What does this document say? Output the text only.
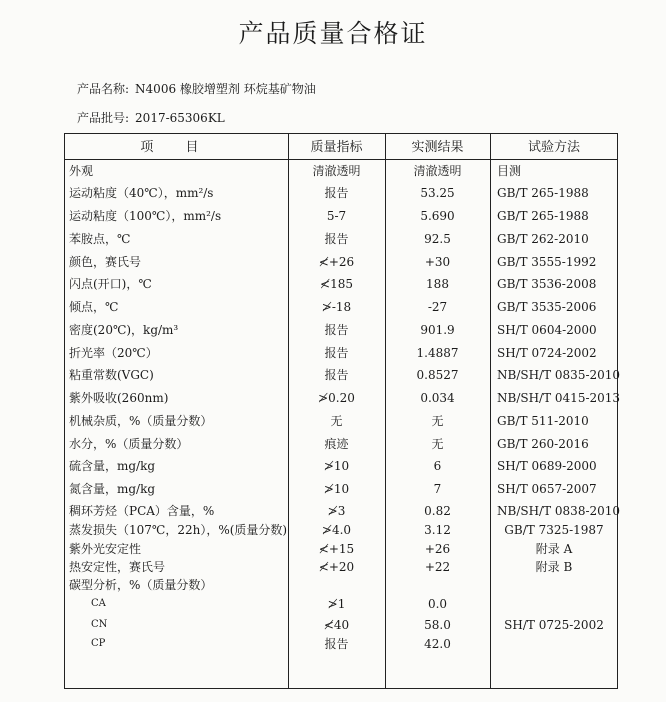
产品质量合格证
产品名称: N4006 橡胶增塑剂 环烷基矿物油
产品批号: 2017-65306KL
项 目	质量指标	实测结果	试验方法
外观	清澈透明	清澈透明	目测
运动粘度（40℃），mm²/s	报告	53.25	GB/T 265-1988
运动粘度（100℃），mm²/s	5-7	5.690	GB/T 265-1988
苯胺点，℃	报告	92.5	GB/T 262-2010
颜色，赛氏号	≮+26	+30	GB/T 3555-1992
闪点(开口)，℃	≮185	188	GB/T 3536-2008
倾点，℃	≯-18	-27	GB/T 3535-2006
密度(20℃)，kg/m³	报告	901.9	SH/T 0604-2000
折光率（20℃）	报告	1.4887	SH/T 0724-2002
粘重常数(VGC)	报告	0.8527	NB/SH/T 0835-2010
紫外吸收(260nm)	≯0.20	0.034	NB/SH/T 0415-2013
机械杂质，%（质量分数）	无	无	GB/T 511-2010
水分，%（质量分数）	痕迹	无	GB/T 260-2016
硫含量，mg/kg	≯10	6	SH/T 0689-2000
氮含量，mg/kg	≯10	7	SH/T 0657-2007
稠环芳烃（PCA）含量，%	≯3	0.82	NB/SH/T 0838-2010
蒸发损失（107℃，22h），%(质量分数)	≯4.0	3.12	GB/T 7325-1987
紫外光安定性	≮+15	+26	附录 A
热安定性，赛氏号	≮+20	+22	附录 B
碳型分析，%（质量分数）
CA	≯1	0.0
CN	≮40	58.0	SH/T 0725-2002
CP	报告	42.0
